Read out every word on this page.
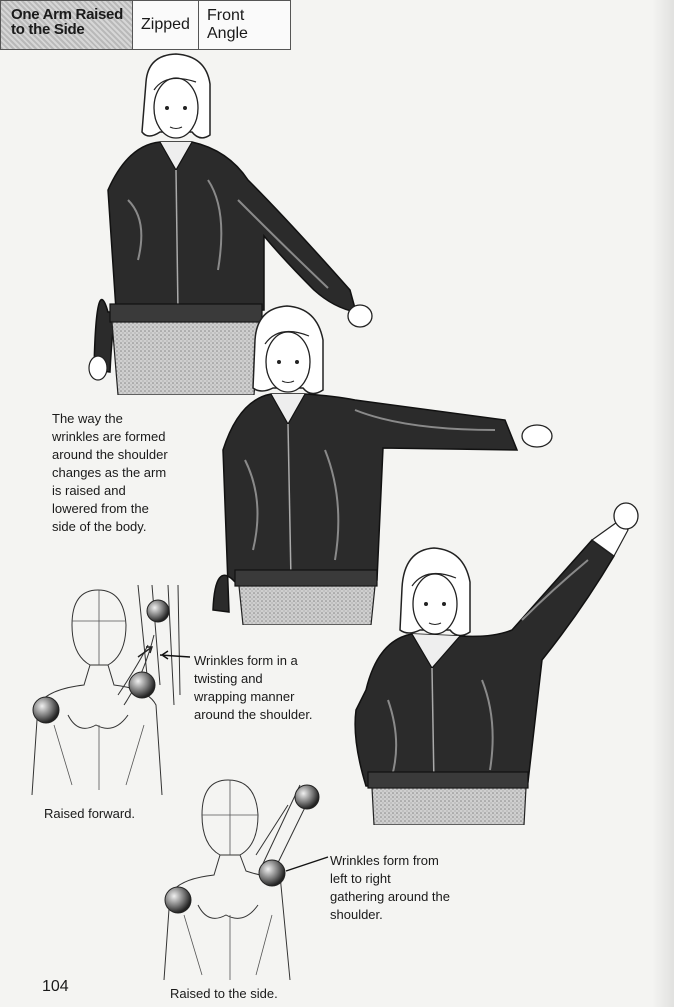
One Arm Raised
to the Side	Zipped
Front Angle
The way the
wrinkles are formed
around the shoulder
changes as the arm
is raised and
lowered from the
side of the body.
Wrinkles form in a
twisting and
wrapping manner
around the shoulder.
Raised forward.
Wrinkles form from
left to right
gathering around the
shoulder.
Raised to the side.
104
